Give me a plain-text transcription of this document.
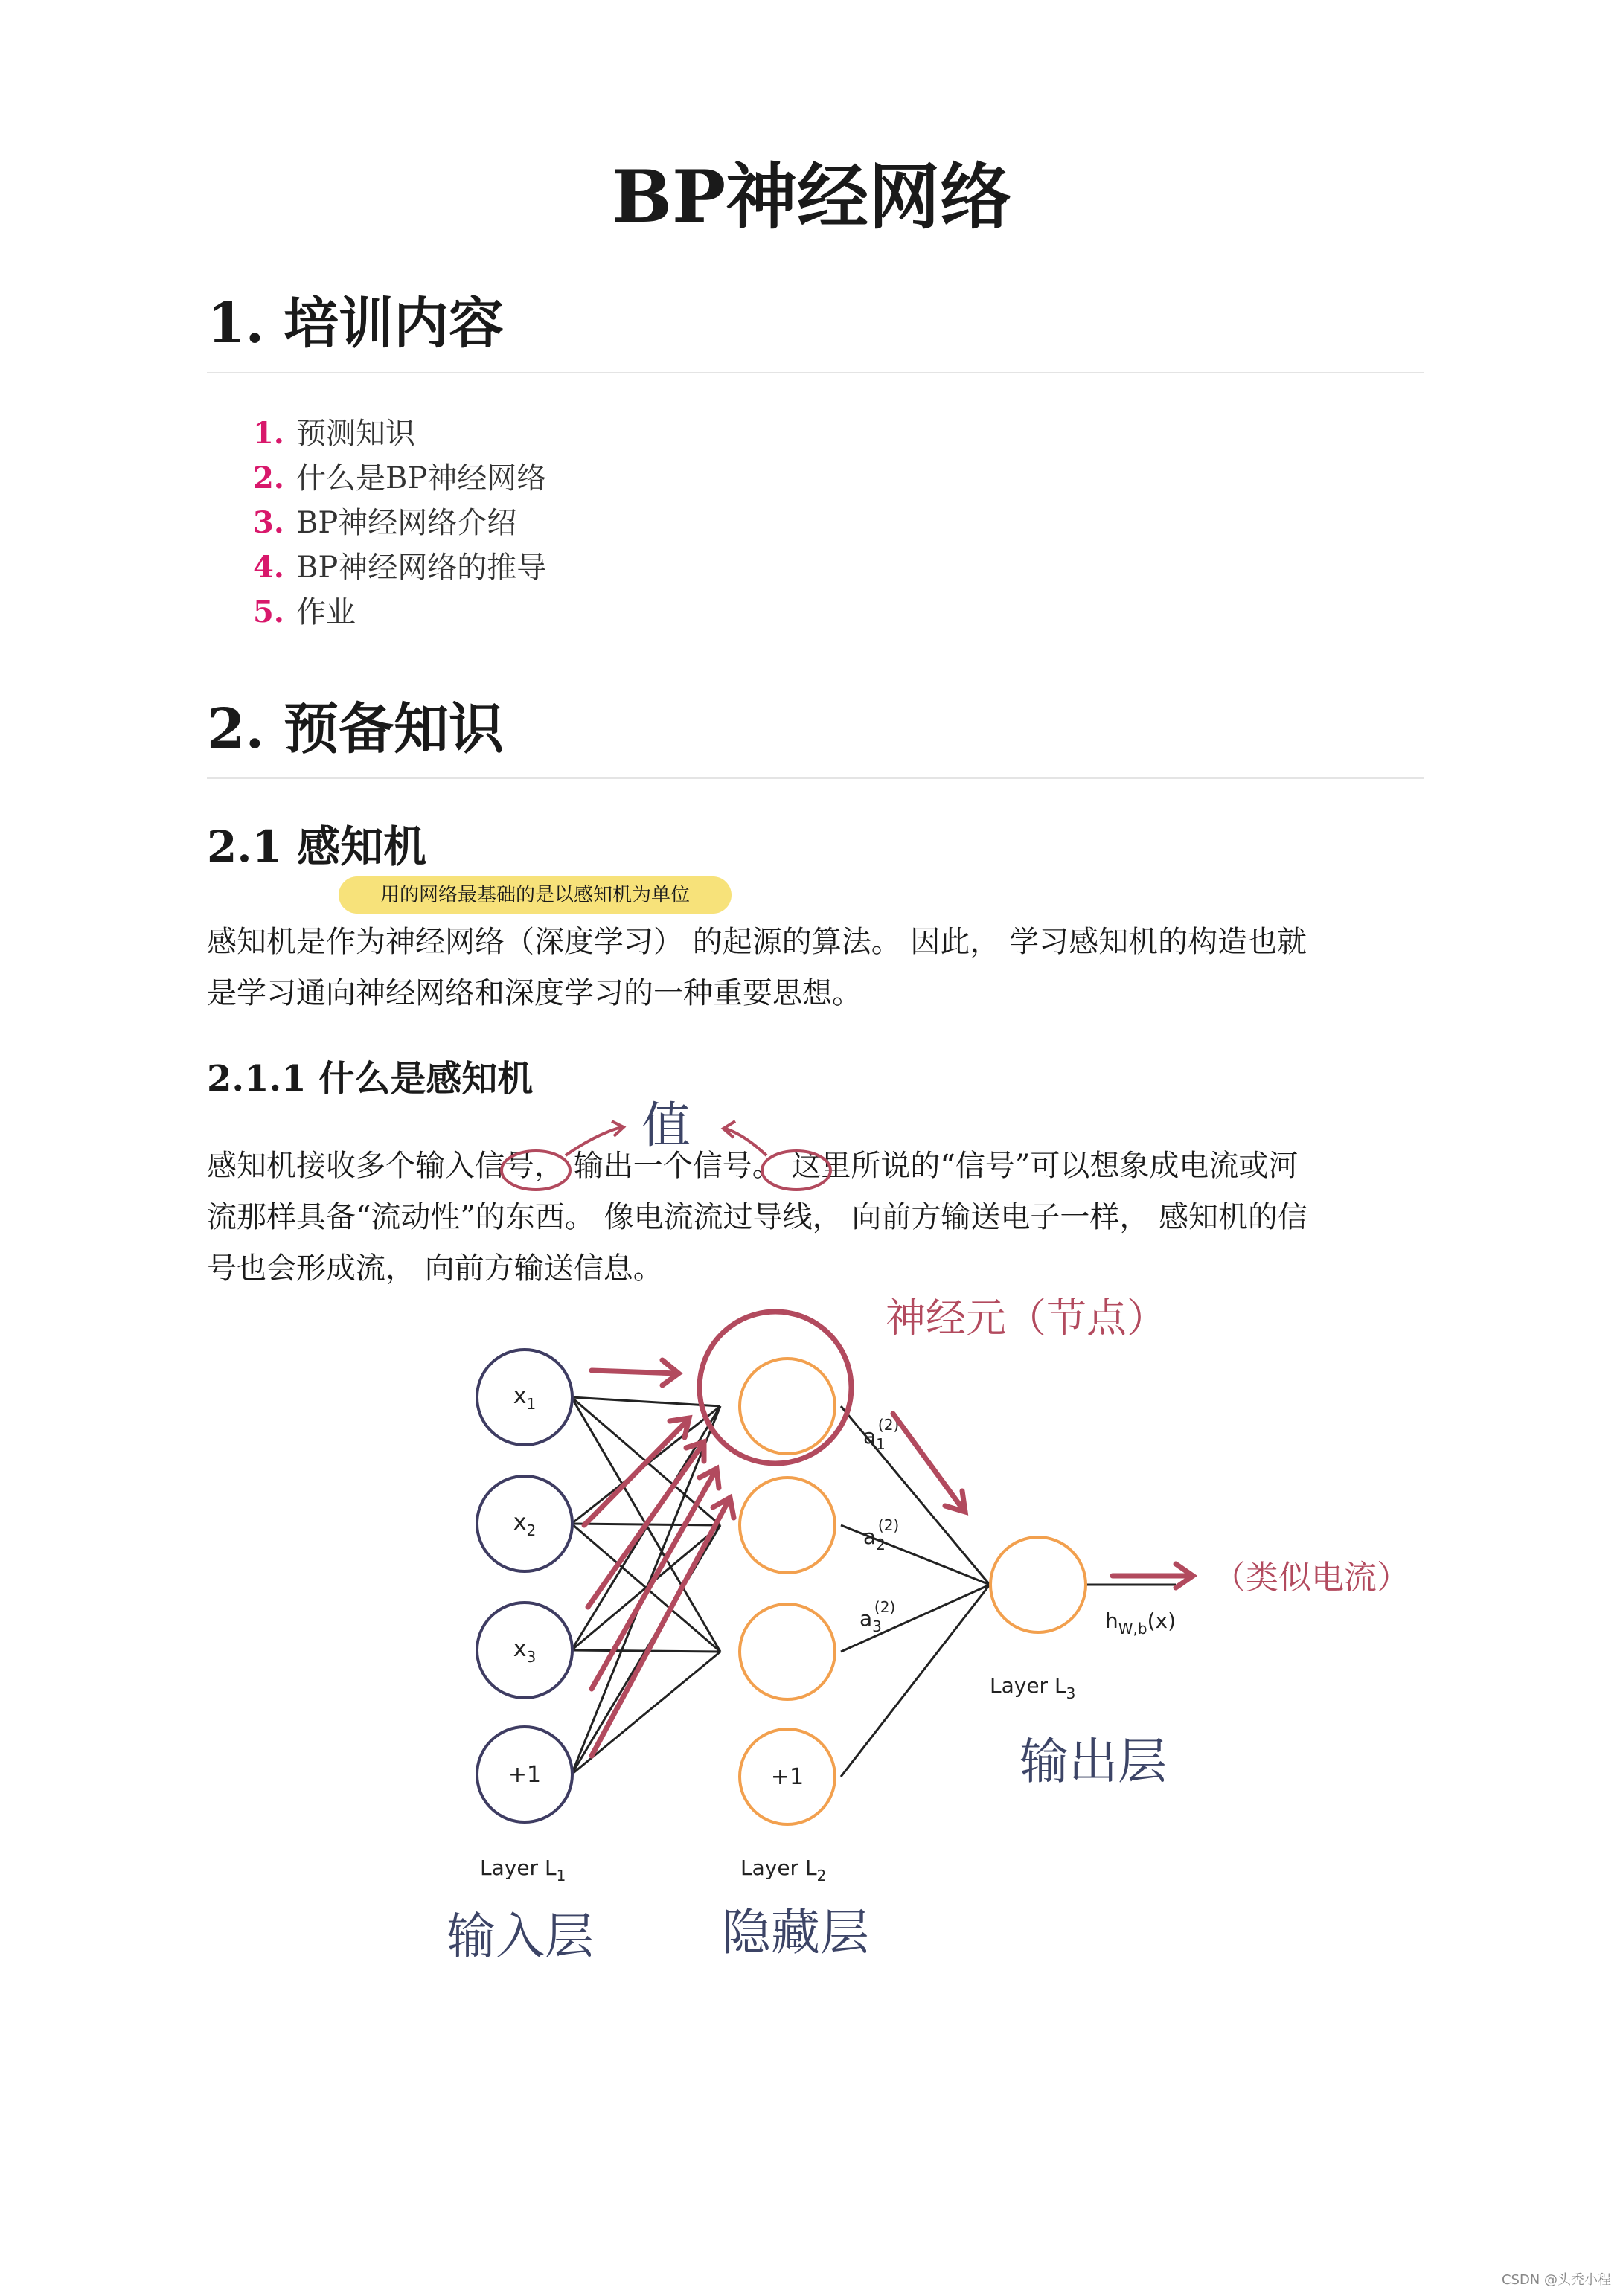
BP神经网络
1. 培训内容
1. 预测知识
2. 什么是BP神经网络
3. BP神经网络介绍
4. BP神经网络的推导
5. 作业
2. 预备知识
2.1 感知机
用的网络最基础的是以感知机为单位
感知机是作为神经网络（深度学习） 的起源的算法。 因此， 学习感知机的构造也就
是学习通向神经网络和深度学习的一种重要思想。
2.1.1 什么是感知机
感知机接收多个输入信号， 输出一个信号。 这里所说的“信号”可以想象成电流或河
流那样具备“流动性”的东西。 像电流流过导线， 向前方输送电子一样， 感知机的信
号也会形成流， 向前方输送信息。
值
$x_1$
$x_2$
$x_3$
+1	+1
$a_1(2)$
$a_2(2)$
$a_3(2)$
$h_{W,b}(x)$
Layer $L_1$	Layer $L_2$
Layer $L_3$
神经元（节点）
（类似电流）
输出层
输入层	隐藏层
CSDN @头秃小程
